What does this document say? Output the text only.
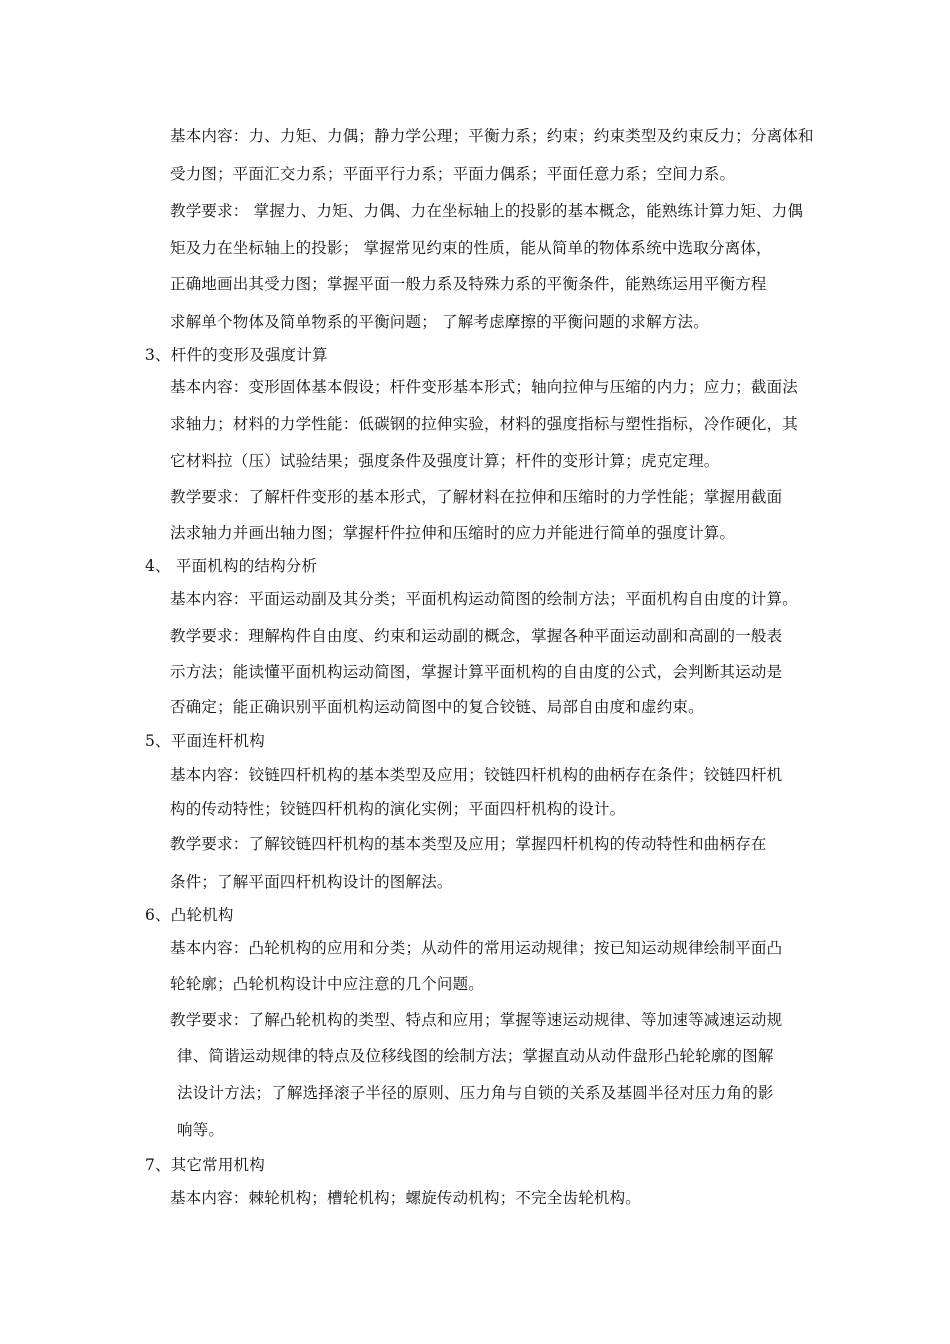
基本内容：力、力矩、力偶；静力学公理；平衡力系；约束；约束类型及约束反力；分离体和
受力图；平面汇交力系；平面平行力系；平面力偶系；平面任意力系；空间力系。
教学要求： 掌握力、力矩、力偶、力在坐标轴上的投影的基本概念，能熟练计算力矩、力偶
矩及力在坐标轴上的投影； 掌握常见约束的性质，能从简单的物体系统中选取分离体，
正确地画出其受力图；掌握平面一般力系及特殊力系的平衡条件，能熟练运用平衡方程
求解单个物体及简单物系的平衡问题； 了解考虑摩擦的平衡问题的求解方法。
3、杆件的变形及强度计算
基本内容：变形固体基本假设；杆件变形基本形式；轴向拉伸与压缩的内力；应力；截面法
求轴力；材料的力学性能：低碳钢的拉伸实验，材料的强度指标与塑性指标，冷作硬化，其
它材料拉（压）试验结果；强度条件及强度计算；杆件的变形计算；虎克定理。
教学要求：了解杆件变形的基本形式，了解材料在拉伸和压缩时的力学性能；掌握用截面
法求轴力并画出轴力图；掌握杆件拉伸和压缩时的应力并能进行简单的强度计算。
4、 平面机构的结构分析
基本内容：平面运动副及其分类；平面机构运动简图的绘制方法；平面机构自由度的计算。
教学要求：理解构件自由度、约束和运动副的概念，掌握各种平面运动副和高副的一般表
示方法；能读懂平面机构运动简图，掌握计算平面机构的自由度的公式，会判断其运动是
否确定；能正确识别平面机构运动简图中的复合铰链、局部自由度和虚约束。
5、平面连杆机构
基本内容：铰链四杆机构的基本类型及应用；铰链四杆机构的曲柄存在条件；铰链四杆机
构的传动特性；铰链四杆机构的演化实例；平面四杆机构的设计。
教学要求：了解铰链四杆机构的基本类型及应用；掌握四杆机构的传动特性和曲柄存在
条件；了解平面四杆机构设计的图解法。
6、凸轮机构
基本内容：凸轮机构的应用和分类；从动件的常用运动规律；按已知运动规律绘制平面凸
轮轮廓；凸轮机构设计中应注意的几个问题。
教学要求：了解凸轮机构的类型、特点和应用；掌握等速运动规律、等加速等减速运动规
律、简谐运动规律的特点及位移线图的绘制方法；掌握直动从动件盘形凸轮轮廓的图解
法设计方法；了解选择滚子半径的原则、压力角与自锁的关系及基圆半径对压力角的影
响等。
7、其它常用机构
基本内容：棘轮机构；槽轮机构；螺旋传动机构；不完全齿轮机构。
